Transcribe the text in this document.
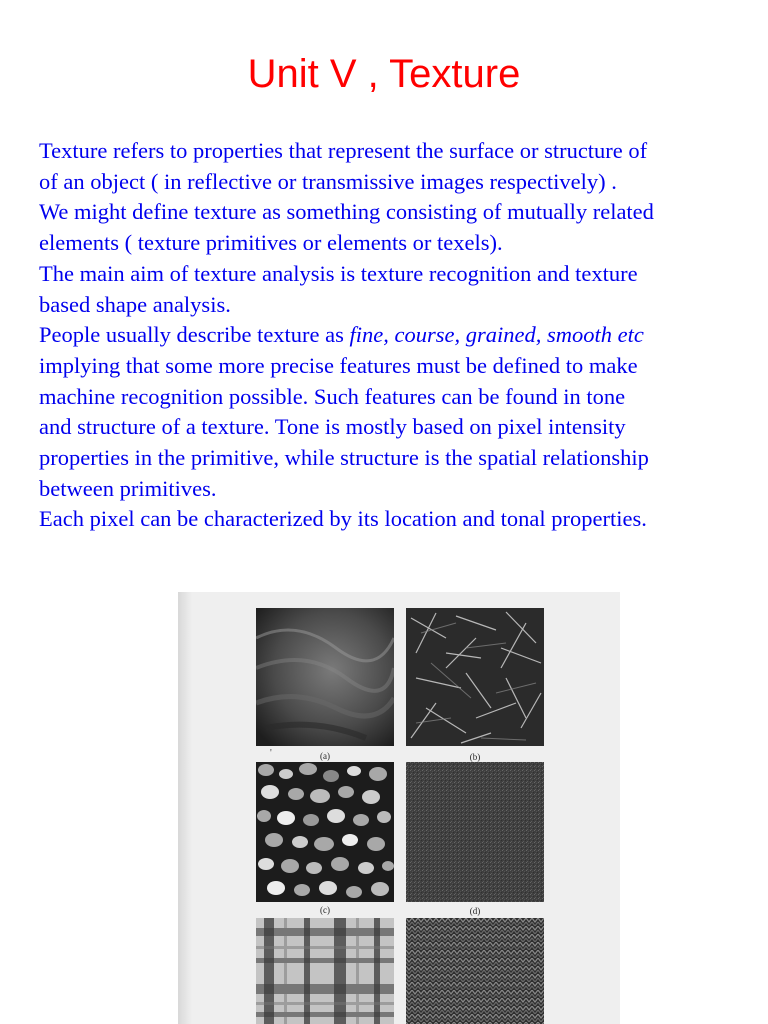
Unit V , Texture
Texture refers to properties that represent the surface or structure of
of an object ( in reflective or transmissive images respectively) .
We might define texture as something consisting of mutually related
elements ( texture primitives or elements or texels).
The main aim of texture analysis is texture recognition and texture
based shape analysis.
People usually describe texture as fine, course, grained, smooth etc
implying that some more precise features must be defined to make
machine recognition possible. Such features can be found in tone
and structure of a texture. Tone is mostly based on pixel intensity
properties in the primitive, while structure is the spatial relationship
between primitives.
Each pixel can be characterized by its location and tonal properties.
'	(a)	(b)
(c)	(d)
